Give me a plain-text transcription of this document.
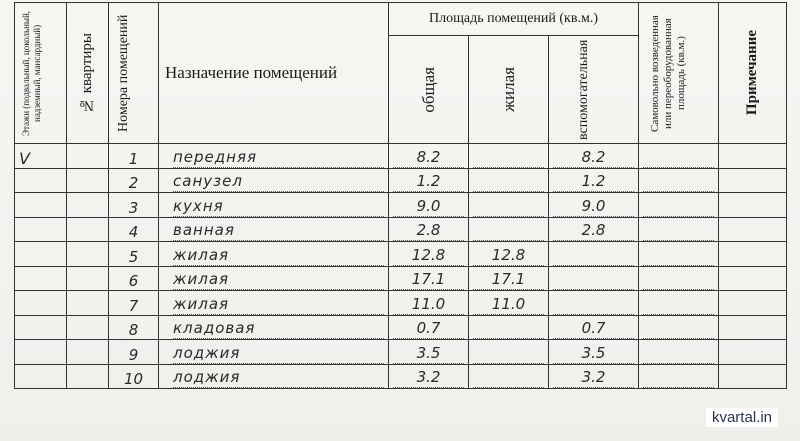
Этажи (подвальный, цокольный, надземный, мансардный)	№ квартиры	Номера помещений	Назначение помещений	Площадь помещений (кв.м.)			Самовольно возведенная или переоборудованная площадь (кв.м.)	Примечание

				общая	жилая	вспомогательная		

V		1	передняя	8.2		8.2		

		2	санузел	1.2		1.2		

		3	кухня	9.0		9.0		

		4	ванная	2.8		2.8		

		5	жилая	12.8	12.8			

		6	жилая	17.1	17.1			

		7	жилая	11.0	11.0			

		8	кладовая	0.7		0.7		

		9	лоджия	3.5		3.5		

		10	лоджия	3.2		3.2		

kvartal.in
